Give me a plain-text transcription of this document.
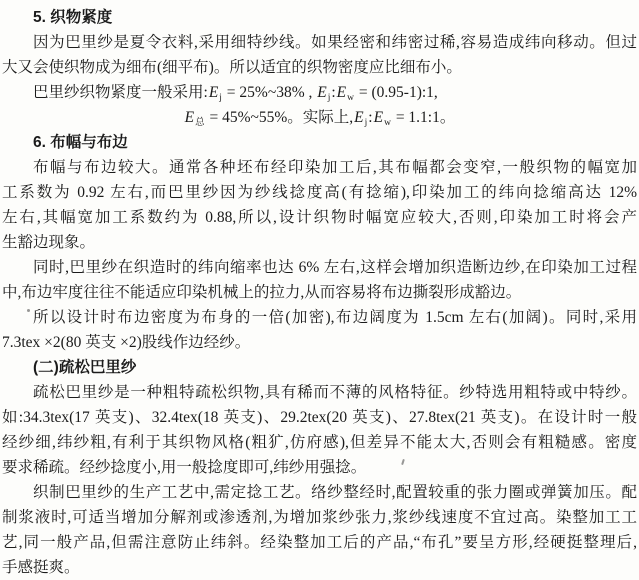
5. 织物紧度
因为巴里纱是夏令衣料,采用细特纱线。如果经密和纬密过稀,容易造成纬向移动。但过
大又会使织物成为细布(细平布)。所以适宜的织物密度应比细布小。
巴里纱织物紧度一般采用$:E_j$ = 25%~38% , $E_j:E_w$ = (0.95-1):1,
$E_总$ = 45%~55%。实际上$,E_j:E_w$ = 1.1:1。
6. 布幅与布边
布幅与布边较大。通常各种坯布经印染加工后,其布幅都会变窄,一般织物的幅宽加
工系数为 0.92 左右,而巴里纱因为纱线捻度高(有捻缩),印染加工的纬向捻缩高达 12%
左右,其幅宽加工系数约为 0.88,所以,设计织物时幅宽应较大,否则,印染加工时将会产
生豁边现象。
同时,巴里纱在织造时的纬向缩率也达 6% 左右,这样会增加织造断边纱,在印染加工过程
中,布边牢度往往不能适应印染机械上的拉力,从而容易将布边撕裂形成豁边。
所以设计时布边密度为布身的一倍(加密),布边阔度为 1.5cm 左右(加阔)。同时,采用
7.3tex ×2(80 英支 ×2)股线作边经纱。
(二)疏松巴里纱
疏松巴里纱是一种粗特疏松织物,具有稀而不薄的风格特征。纱特选用粗特或中特纱。
如:34.3tex(17 英支)、32.4tex(18 英支)、29.2tex(20 英支)、27.8tex(21 英支)。在设计时一般
经纱细,纬纱粗,有利于其织物风格(粗犷,仿府感),但差异不能太大,否则会有粗糙感。密度
要求稀疏。经纱捻度小,用一般捻度即可,纬纱用强捻。
织制巴里纱的生产工艺中,需定捻工艺。络纱整经时,配置较重的张力圈或弹簧加压。配
制浆液时,可适当增加分解剂或渗透剂,为增加浆纱张力,浆纱线速度不宜过高。染整加工工
艺,同一般产品,但需注意防止纬斜。经染整加工后的产品,“布孔”要呈方形,经硬挺整理后,
手感挺爽。
